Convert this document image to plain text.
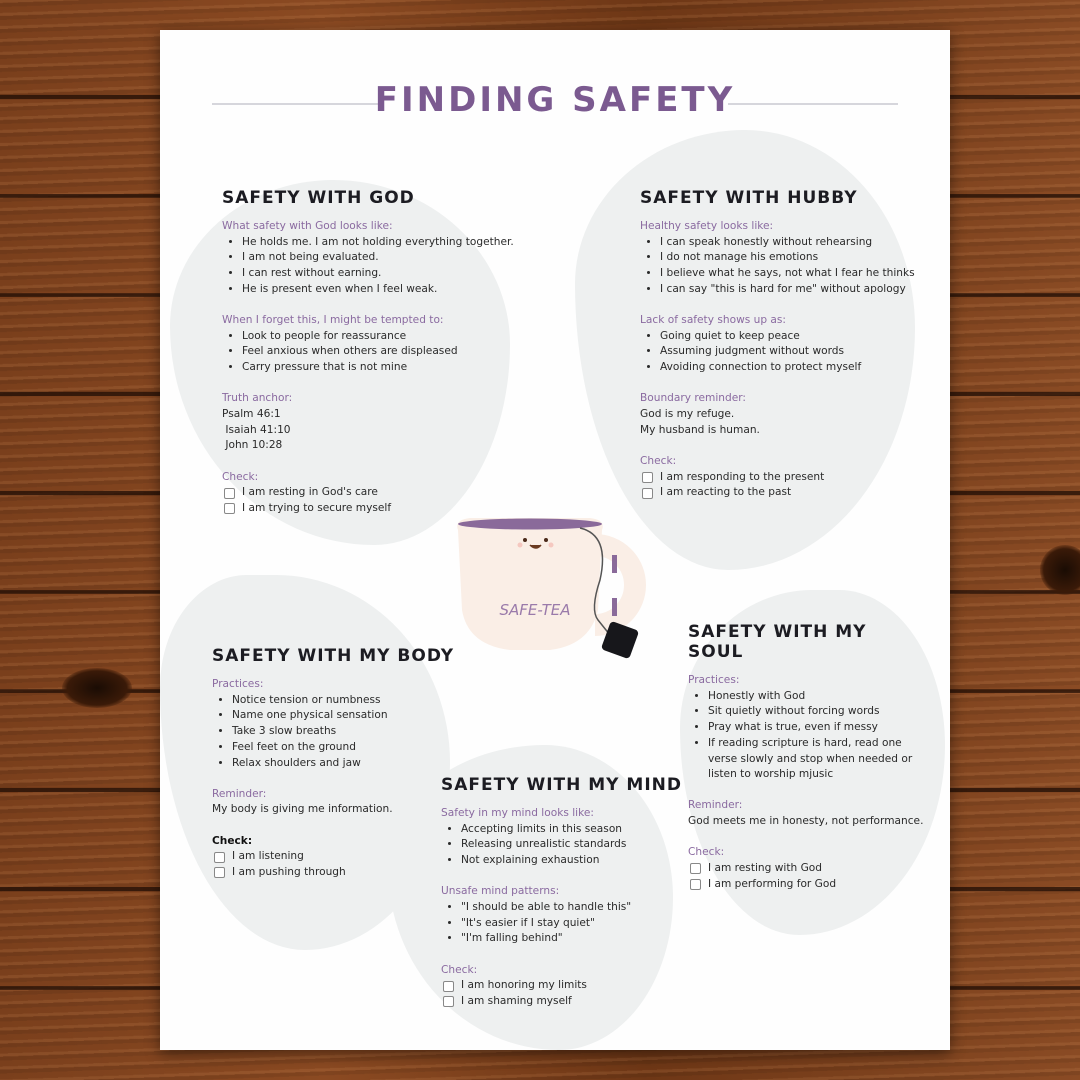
FINDING SAFETY
SAFETY WITH GOD
What safety with God looks like:
• He holds me. I am not holding everything together.
• I am not being evaluated.
• I can rest without earning.
• He is present even when I feel weak.
When I forget this, I might be tempted to:
• Look to people for reassurance
• Feel anxious when others are displeased
• Carry pressure that is not mine
Truth anchor:
Psalm 46:1
Isaiah 41:10
John 10:28
Check:
I am resting in God's care
I am trying to secure myself
SAFETY WITH HUBBY
Healthy safety looks like:
• I can speak honestly without rehearsing
• I do not manage his emotions
• I believe what he says, not what I fear he thinks
• I can say "this is hard for me" without apology
Lack of safety shows up as:
• Going quiet to keep peace
• Assuming judgment without words
• Avoiding connection to protect myself
Boundary reminder:
God is my refuge.
My husband is human.
Check:
I am responding to the present
I am reacting to the past
SAFETY WITH MY BODY
Practices:
• Notice tension or numbness
• Name one physical sensation
• Take 3 slow breaths
• Feel feet on the ground
• Relax shoulders and jaw
Reminder:
My body is giving me information.
Check:
I am listening
I am pushing through
SAFETY WITH MY MIND
Safety in my mind looks like:
• Accepting limits in this season
• Releasing unrealistic standards
• Not explaining exhaustion
Unsafe mind patterns:
• "I should be able to handle this"
• "It's easier if I stay quiet"
• "I'm falling behind"
Check:
I am honoring my limits
I am shaming myself
SAFETY WITH MY SOUL
Practices:
• Honestly with God
• Sit quietly without forcing words
• Pray what is true, even if messy
• If reading scripture is hard, read one verse slowly and stop when needed or listen to worship mjusic
Reminder:
God meets me in honesty, not performance.
Check:
I am resting with God
I am performing for God
SAFE-TEA
